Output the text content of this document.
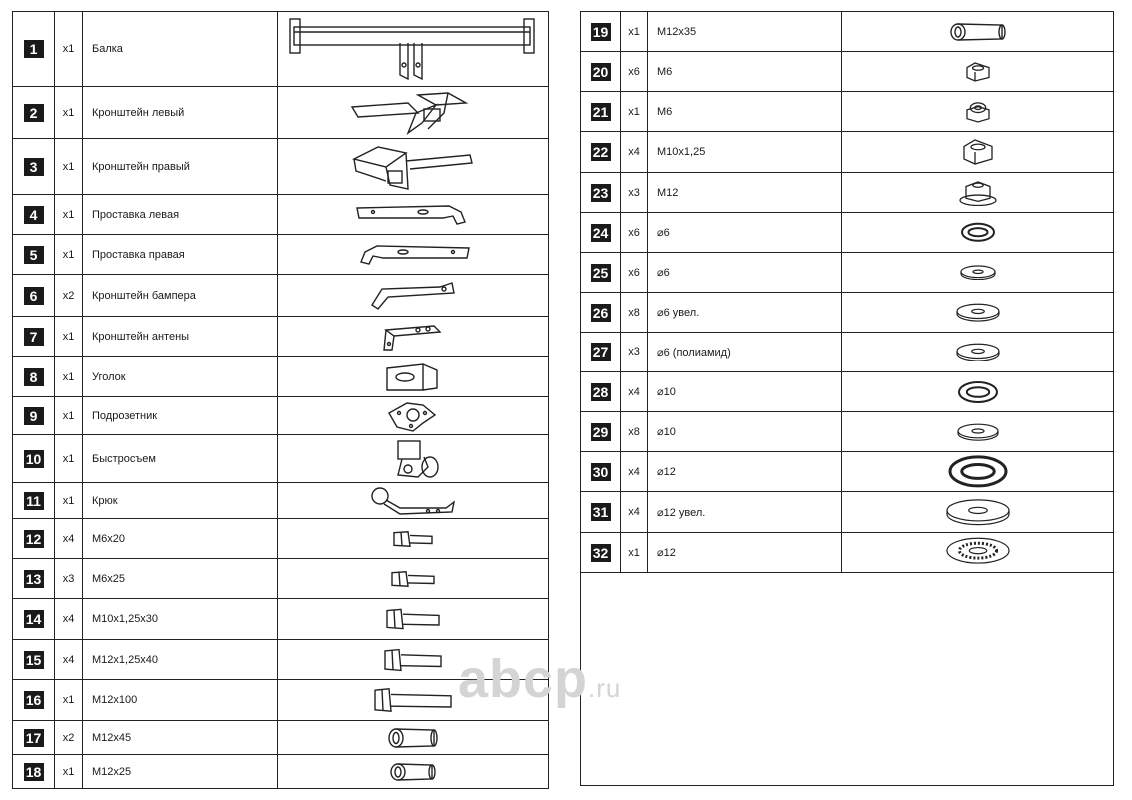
1	x1	Балка	

2	x1	Кронштейн левый	

3	x1	Кронштейн правый	

4	x1	Проставка левая	

5	x1	Проставка правая	

6	x2	Кронштейн бампера	

7	x1	Кронштейн антены	

8	x1	Уголок	

9	x1	Подрозетник	

10	x1	Быстросъем	

11	x1	Крюк	

12	x4	M6x20	

13	x3	M6x25	

14	x4	M10x1,25x30	

15	x4	M12x1,25x40	

16	x1	M12x100	

17	x2	M12x45	

18	x1	M12x25	
19	x1	M12x35	

20	x6	M6	

21	x1	M6	

22	x4	M10x1,25	

23	x3	M12	

24	x6	⌀6	

25	x6	⌀6	

26	x8	⌀6 увел.	

27	x3	⌀6 (полиамид)	

28	x4	⌀10	

29	x8	⌀10	

30	x4	⌀12	

31	x4	⌀12 увел.	

32	x1	⌀12	

abcp.ru
